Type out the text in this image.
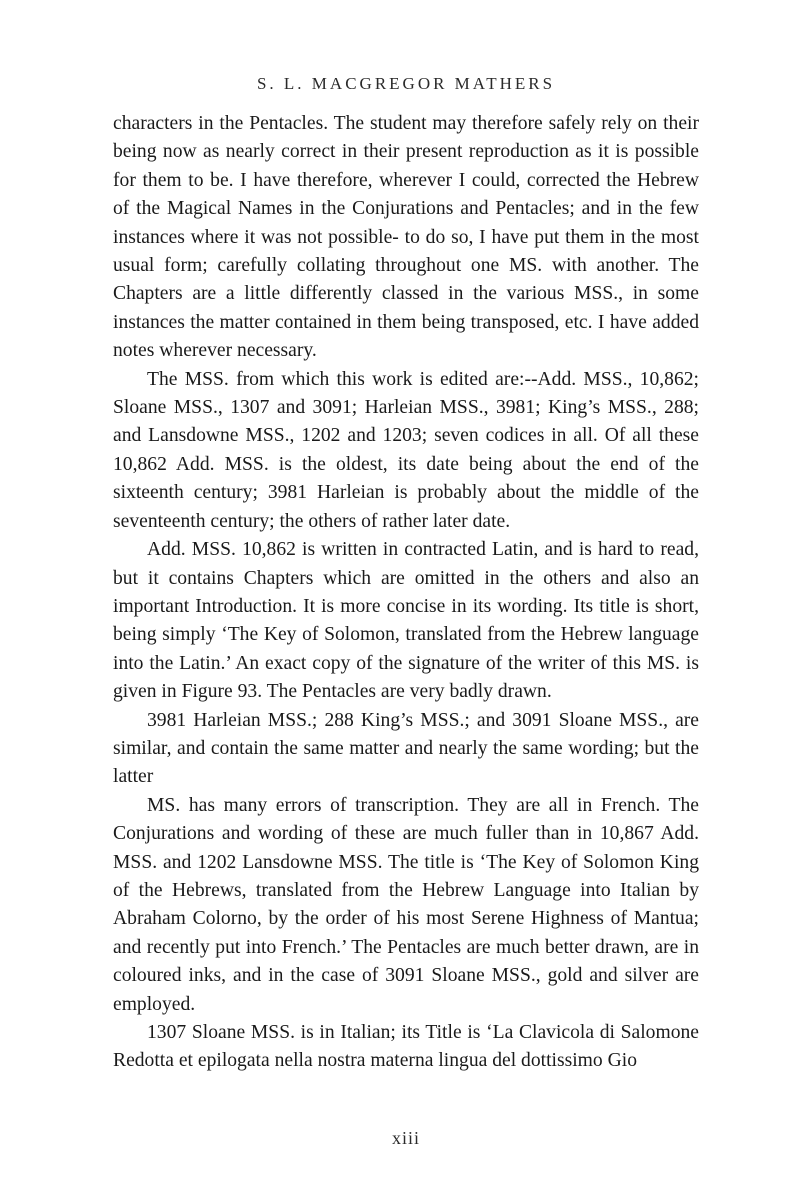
S. L. MACGREGOR MATHERS

characters in the Pentacles. The student may therefore safely rely on their being now as nearly correct in their present reproduction as it is possible for them to be. I have therefore, wherever I could, corrected the Hebrew of the Magical Names in the Conjurations and Pentacles; and in the few instances where it was not possible- to do so, I have put them in the most usual form; carefully collating throughout one MS. with another. The Chapters are a little differently classed in the various MSS., in some instances the matter contained in them being transposed, etc. I have added notes wherever necessary.

The MSS. from which this work is edited are:--Add. MSS., 10,862; Sloane MSS., 1307 and 3091; Harleian MSS., 3981; King’s MSS., 288; and Lansdowne MSS., 1202 and 1203; seven codices in all. Of all these 10,862 Add. MSS. is the oldest, its date being about the end of the sixteenth century; 3981 Harleian is probably about the middle of the seventeenth century; the others of rather later date.

Add. MSS. 10,862 is written in contracted Latin, and is hard to read, but it contains Chapters which are omitted in the others and also an important Introduction. It is more concise in its wording. Its title is short, being simply ‘The Key of Solomon, translated from the Hebrew language into the Latin.’ An exact copy of the signature of the writer of this MS. is given in Figure 93. The Pentacles are very badly drawn.

3981 Harleian MSS.; 288 King’s MSS.; and 3091 Sloane MSS., are similar, and contain the same matter and nearly the same wording; but the latter

MS. has many errors of transcription. They are all in French. The Conjurations and wording of these are much fuller than in 10,867 Add. MSS. and 1202 Lansdowne MSS. The title is ‘The Key of Solomon King of the Hebrews, translated from the Hebrew Language into Italian by Abraham Colorno, by the order of his most Serene Highness of Mantua; and recently put into French.’ The Pentacles are much better drawn, are in coloured inks, and in the case of 3091 Sloane MSS., gold and silver are employed.

1307 Sloane MSS. is in Italian; its Title is ‘La Clavicola di Salomone Redotta et epilogata nella nostra materna lingua del dottissimo Gio

xiii
